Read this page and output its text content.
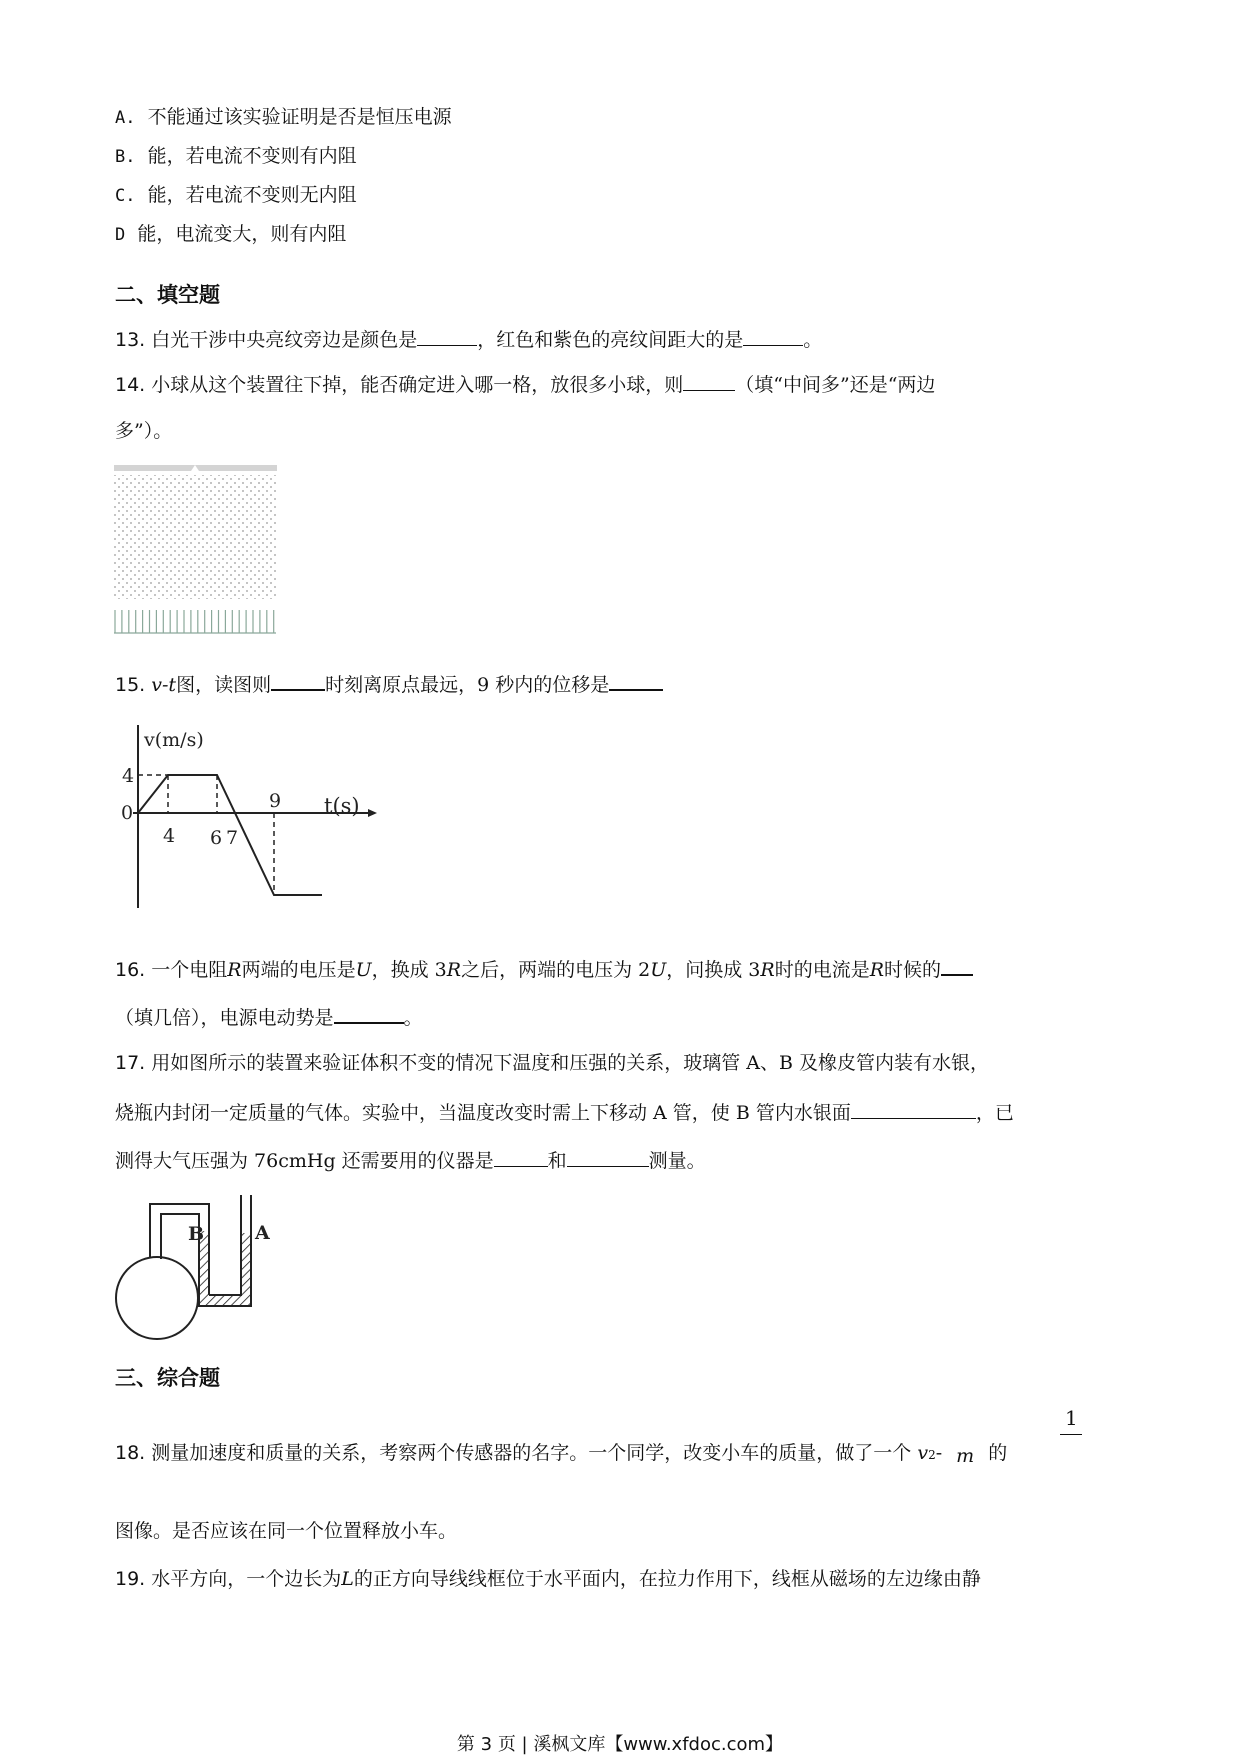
A. 不能通过该实验证明是否是恒压电源
B. 能，若电流不变则有内阻
C. 能，若电流不变则无内阻
D 能，电流变大，则有内阻
二、填空题
13. 白光干涉中央亮纹旁边是颜色是	，红色和紫色的亮纹间距大的是	。
14. 小球从这个装置往下掉，能否确定进入哪一格，放很多小球，则	（填“中间多”还是“两边
多”）。
15. v-t图，读图则	时刻离原点最远，9 秒内的位移是
v(m/s)
t(s)
4
0
4 6 7
9
16. 一个电阻R两端的电压是U，换成 3R之后，两端的电压为 2U，问换成 3R时的电流是R时候的
（填几倍），电源电动势是	。
17. 用如图所示的装置来验证体积不变的情况下温度和压强的关系，玻璃管 A、B 及橡皮管内装有水银，
烧瓶内封闭一定质量的气体。实验中，当温度改变时需上下移动 A 管，使 B 管内水银面	，已
测得大气压强为 76cmHg 还需要用的仪器是	和	测量。
B	A
三、综合题
1
18. 测量加速度和质量的关系，考察两个传感器的名字。一个同学，改变小车的质量，做了一个 v2- m 的
图像。是否应该在同一个位置释放小车。
19. 水平方向，一个边长为L的正方向导线线框位于水平面内，在拉力作用下，线框从磁场的左边缘由静
第 3 页 | 溪枫文库【www.xfdoc.com】
